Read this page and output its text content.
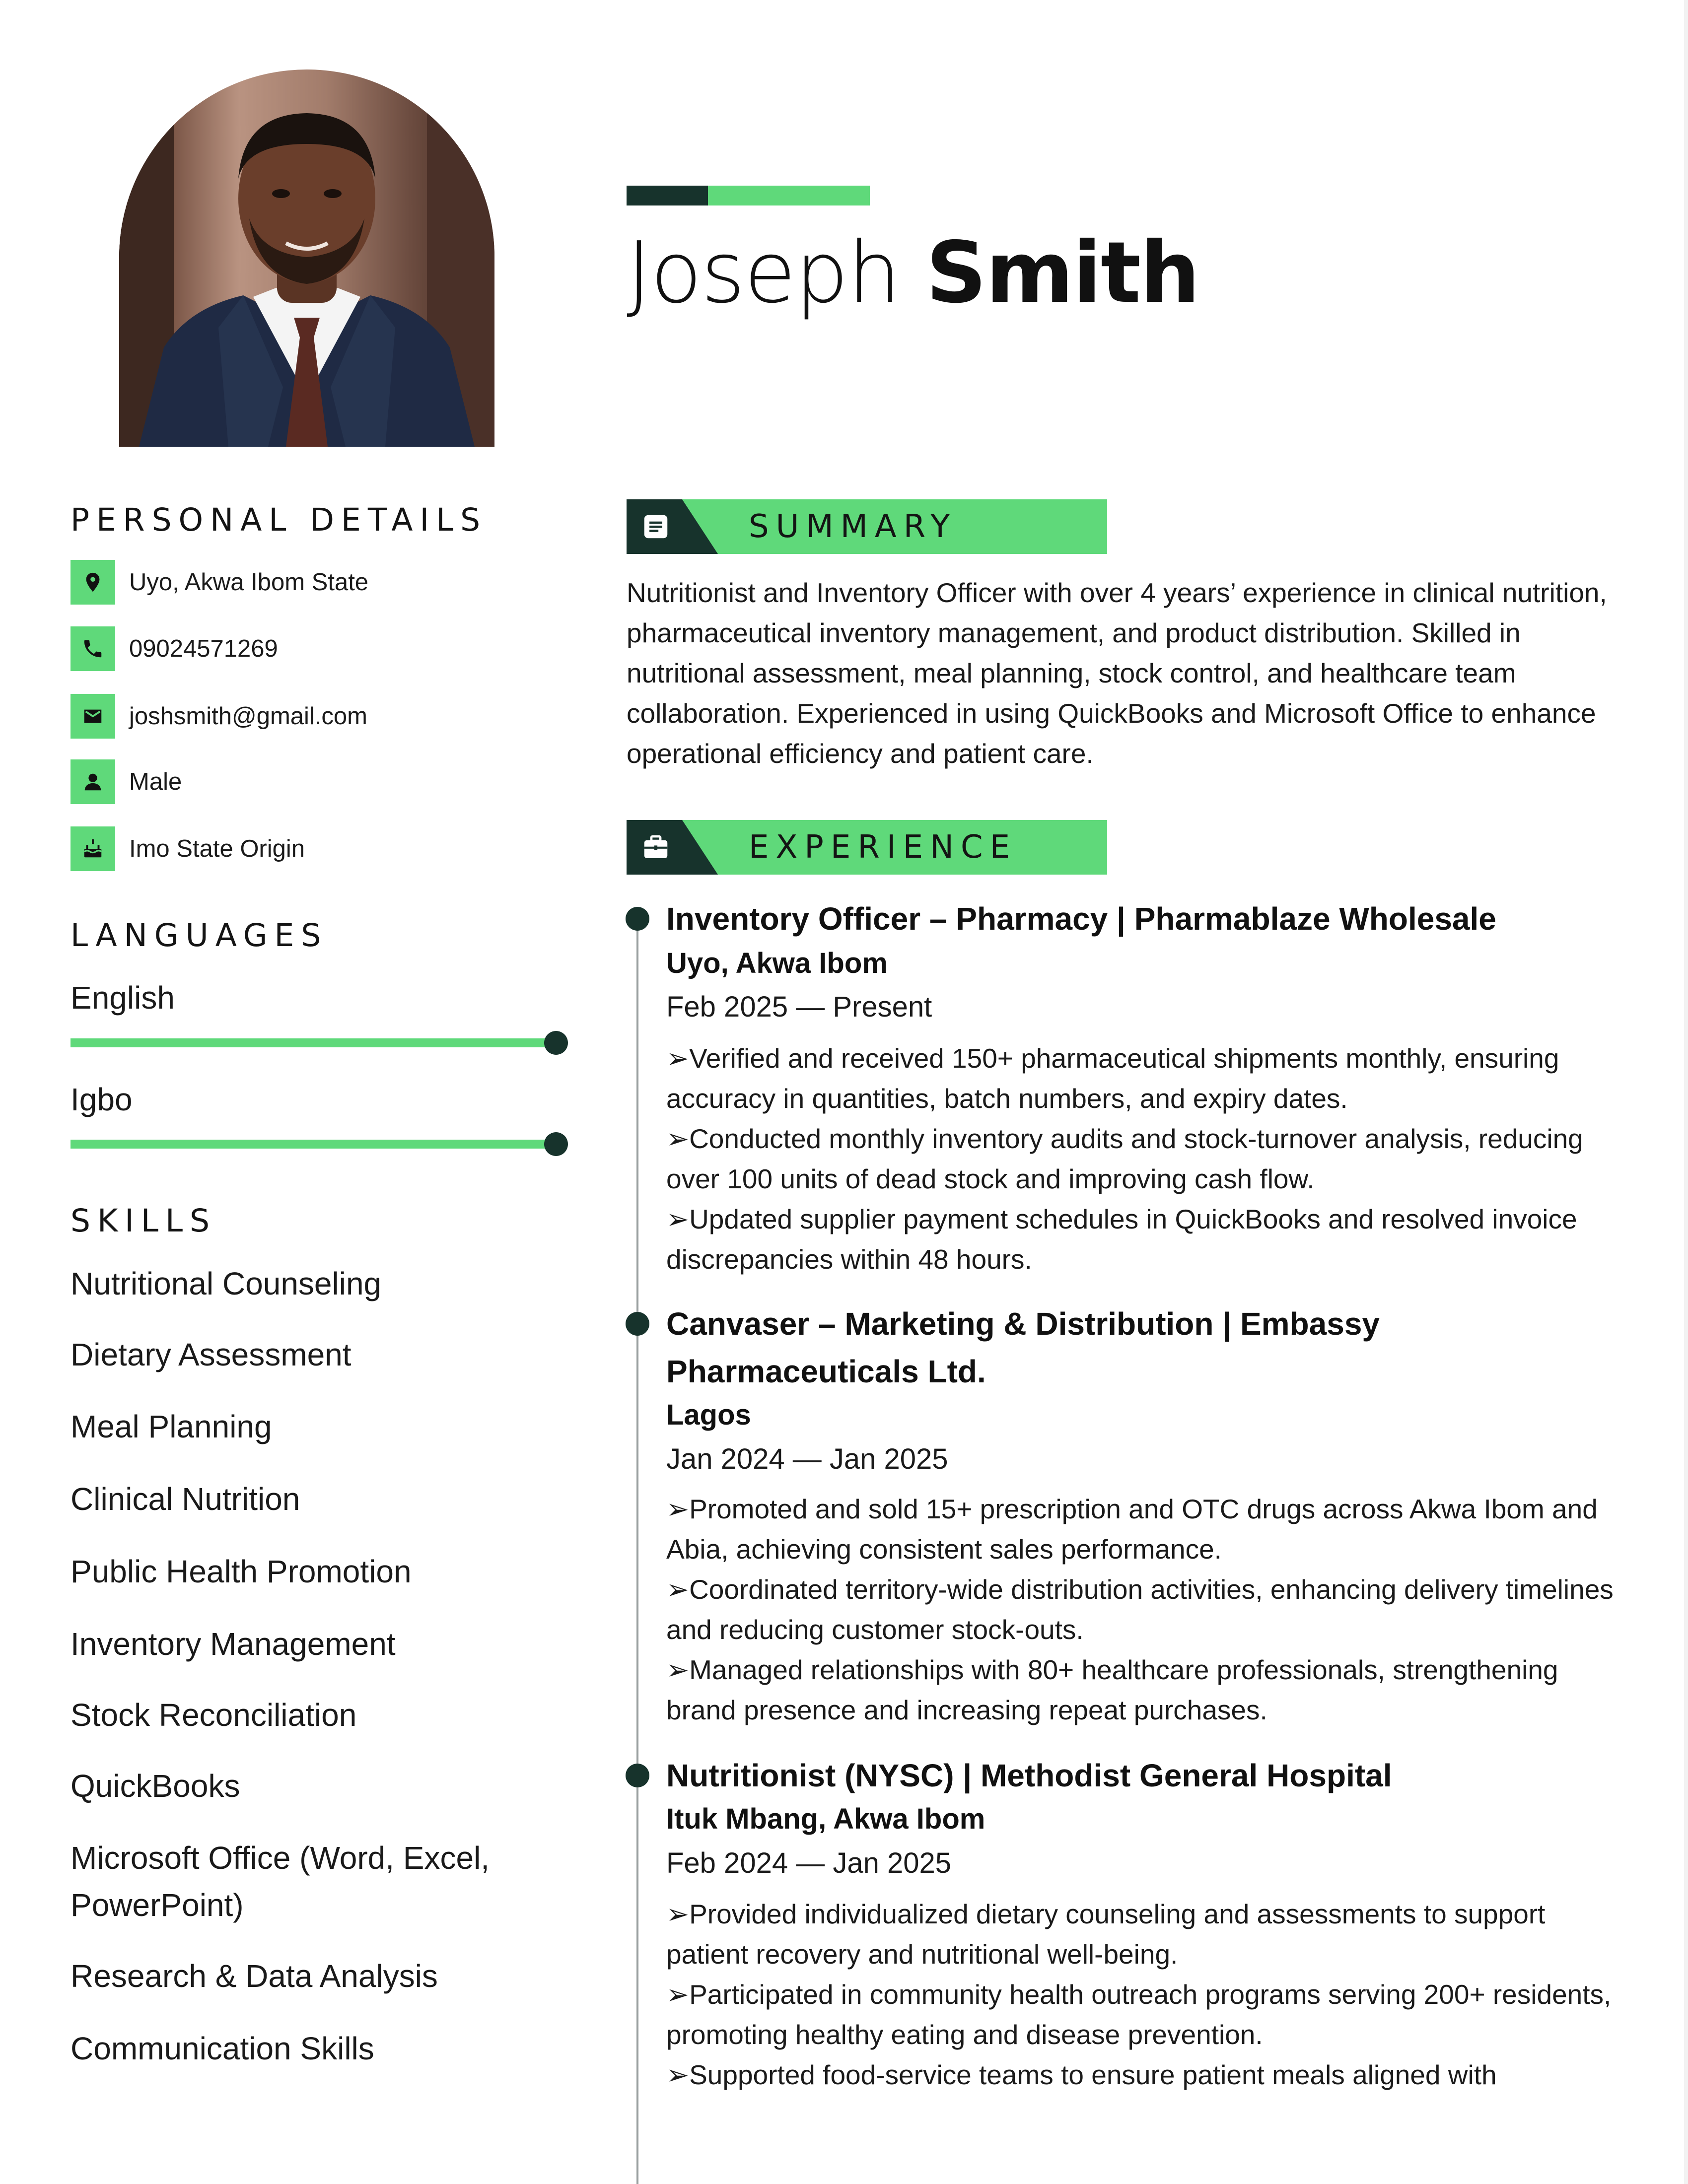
Joseph Smith
PERSONAL DETAILS
Uyo, Akwa Ibom State
09024571269
joshsmith@gmail.com
Male
Imo State Origin
LANGUAGES
English
Igbo
SKILLS
Nutritional Counseling
Dietary Assessment
Meal Planning
Clinical Nutrition
Public Health Promotion
Inventory Management
Stock Reconciliation
QuickBooks
Microsoft Office (Word, Excel,
PowerPoint)
Research & Data Analysis
Communication Skills
SUMMARY
Nutritionist and Inventory Officer with over 4 years’ experience in clinical nutrition, pharmaceutical inventory management, and product distribution. Skilled in nutritional assessment, meal planning, stock control, and healthcare team collaboration. Experienced in using QuickBooks and Microsoft Office to enhance operational efficiency and patient care.
EXPERIENCE
Inventory Officer – Pharmacy | Pharmablaze Wholesale
Uyo, Akwa Ibom
Feb 2025 — Present
➢Verified and received 150+ pharmaceutical shipments monthly, ensuring accuracy in quantities, batch numbers, and expiry dates.
➢Conducted monthly inventory audits and stock-turnover analysis, reducing over 100 units of dead stock and improving cash flow.
➢Updated supplier payment schedules in QuickBooks and resolved invoice discrepancies within 48 hours.
Canvaser – Marketing & Distribution | Embassy Pharmaceuticals Ltd.
Lagos
Jan 2024 — Jan 2025
➢Promoted and sold 15+ prescription and OTC drugs across Akwa Ibom and Abia, achieving consistent sales performance.
➢Coordinated territory-wide distribution activities, enhancing delivery timelines and reducing customer stock-outs.
➢Managed relationships with 80+ healthcare professionals, strengthening brand presence and increasing repeat purchases.
Nutritionist (NYSC) | Methodist General Hospital
Ituk Mbang, Akwa Ibom
Feb 2024 — Jan 2025
➢Provided individualized dietary counseling and assessments to support patient recovery and nutritional well-being.
➢Participated in community health outreach programs serving 200+ residents, promoting healthy eating and disease prevention.
➢Supported food-service teams to ensure patient meals aligned with
